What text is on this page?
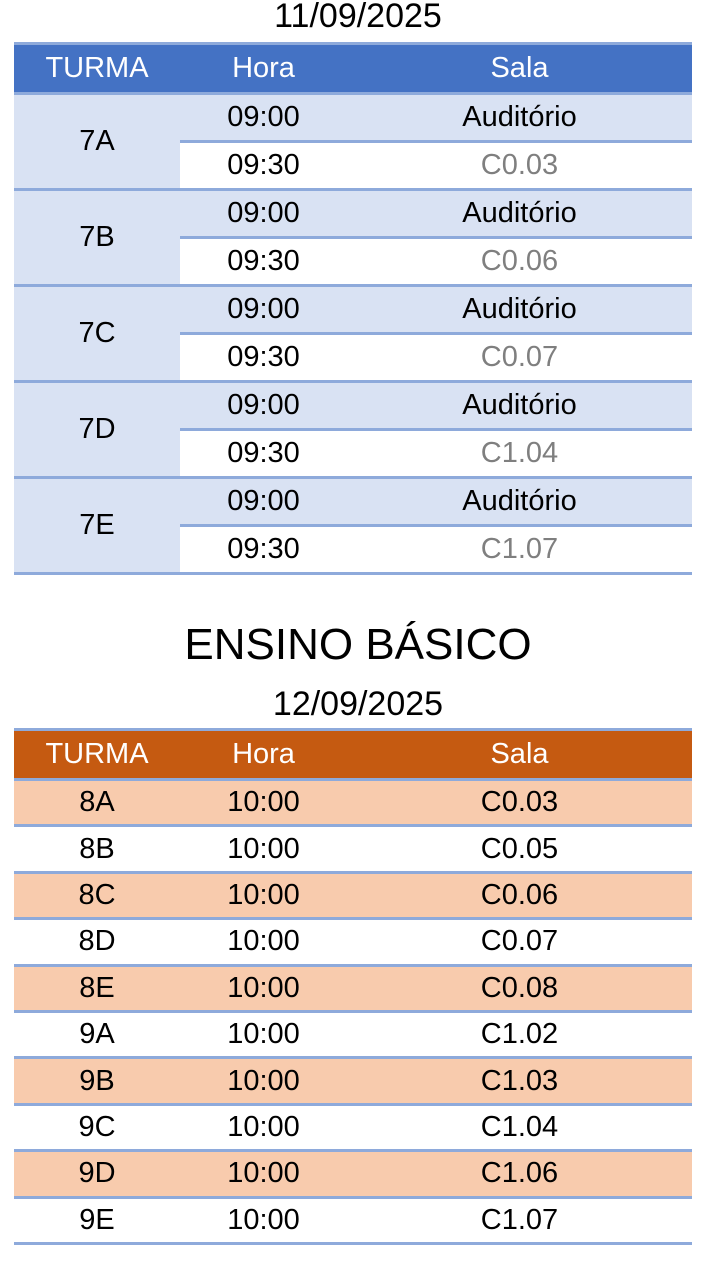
11/09/2025
TURMA	Hora	Sala
7A	09:00	Auditório
	09:30	C0.03
7B	09:00	Auditório
	09:30	C0.06
7C	09:00	Auditório
	09:30	C0.07
7D	09:00	Auditório
	09:30	C1.04
7E	09:00	Auditório
	09:30	C1.07
ENSINO BÁSICO
12/09/2025
TURMA	Hora	Sala
8A	10:00	C0.03
8B	10:00	C0.05
8C	10:00	C0.06
8D	10:00	C0.07
8E	10:00	C0.08
9A	10:00	C1.02
9B	10:00	C1.03
9C	10:00	C1.04
9D	10:00	C1.06
9E	10:00	C1.07
